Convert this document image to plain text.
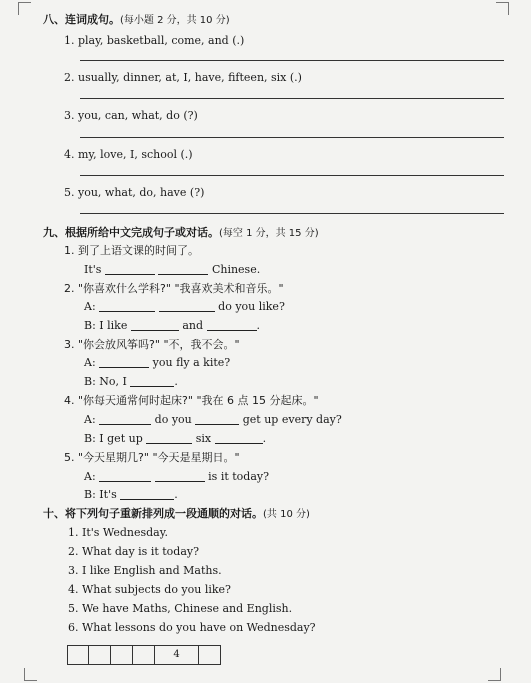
八、连词成句。(每小题 2 分，共 10 分)
1. play, basketball, come, and (.)
2. usually, dinner, at, I, have, fifteen, six (.)
3. you, can, what, do (?)
4. my, love, I, school (.)
5. you, what, do, have (?)
九、根据所给中文完成句子或对话。(每空 1 分，共 15 分)
1. 到了上语文课的时间了。
It's	Chinese.
2. "你喜欢什么学科?" "我喜欢美术和音乐。"
A:	do you like?
B: I like	and	.
3. "你会放风筝吗?" "不，我不会。"
A:	you fly a kite?
B: No, I	.
4. "你每天通常何时起床?" "我在 6 点 15 分起床。"
A:	do you	get up every day?
B: I get up	six	.
5. "今天星期几?" "今天是星期日。"
A:	is it today?
B: It's	.
十、将下列句子重新排列成一段通顺的对话。(共 10 分)
1. It's Wednesday.
2. What day is it today?
3. I like English and Maths.
4. What subjects do you like?
5. We have Maths, Chinese and English.
6. What lessons do you have on Wednesday?
4
